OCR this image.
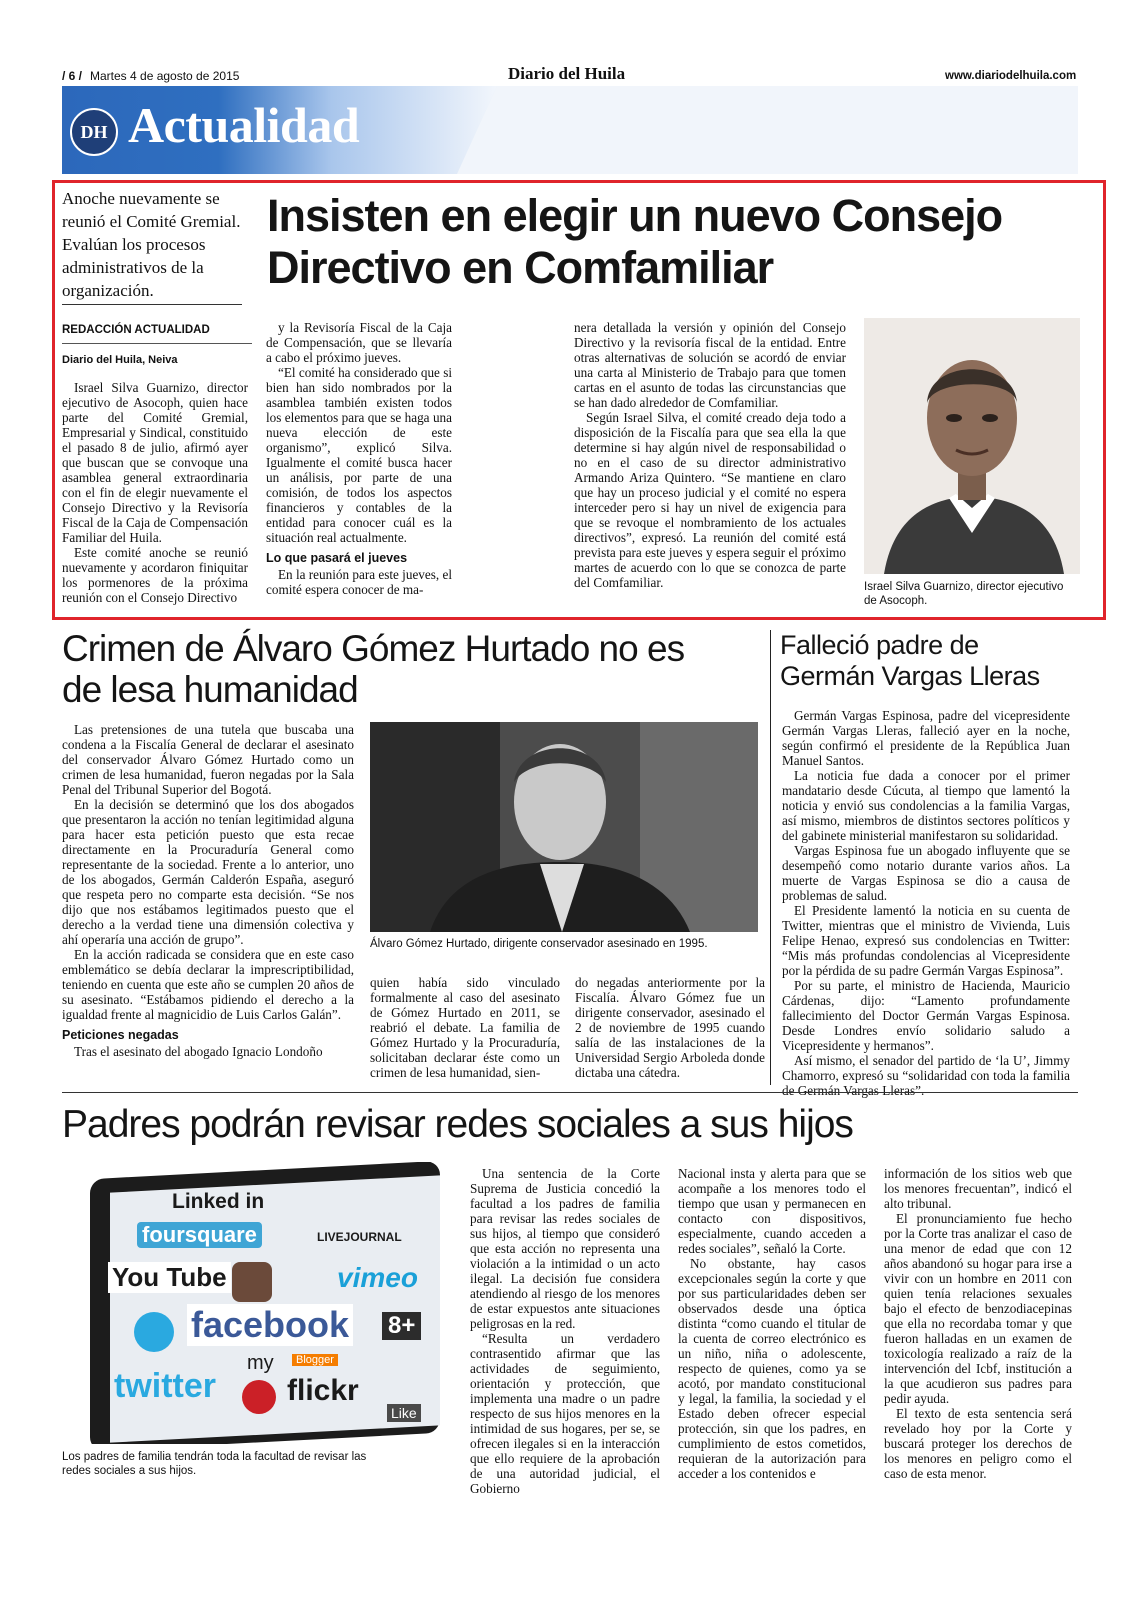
/ 6 / Martes 4 de agosto de 2015	Diario del Huila	www.diariodelhuila.com
DH Actualidad
Anoche nuevamente se reunió el Comité Gremial. Evalúan los procesos administrativos de la organización.
Insisten en elegir un nuevo Consejo Directivo en Comfamiliar
REDACCIÓN ACTUALIDAD
Diario del Huila, Neiva

Israel Silva Guarnizo, director ejecutivo de Asocoph, quien hace parte del Comité Gremial, Empresarial y Sindical, constituido el pasado 8 de julio, afirmó ayer que buscan que se convoque una asamblea general extraordinaria con el fin de elegir nuevamente el Consejo Directivo y la Revisoría Fiscal de la Caja de Compensación Familiar del Huila.

Este comité anoche se reunió nuevamente y acordaron finiquitar los pormenores de la próxima reunión con el Consejo Directivo

y la Revisoría Fiscal de la Caja de Compensación, que se llevaría a cabo el próximo jueves.

“El comité ha considerado que si bien han sido nombrados por la asamblea también existen todos los elementos para que se haga una nueva elección de este organismo”, explicó Silva. Igualmente el comité busca hacer un análisis, por parte de una comisión, de todos los aspectos financieros y contables de la entidad para conocer cuál es la situación real actualmente.

Lo que pasará el jueves

En la reunión para este jueves, el comité espera conocer de ma-

nera detallada la versión y opinión del Consejo Directivo y la revisoría fiscal de la entidad. Entre otras alternativas de solución se acordó de enviar una carta al Ministerio de Trabajo para que tomen cartas en el asunto de todas las circunstancias que se han dado alrededor de Comfamiliar.

Según Israel Silva, el comité creado deja todo a disposición de la Fiscalía para que sea ella la que determine si hay algún nivel de responsabilidad o no en el caso de su director administrativo Armando Ariza Quintero. “Se mantiene en claro que hay un proceso judicial y el comité no espera interceder pero si hay un nivel de exigencia para que se revoque el nombramiento de los actuales directivos”, expresó. La reunión del comité está prevista para este jueves y espera seguir el próximo martes de acuerdo con lo que se conozca de parte del Comfamiliar.	Israel Silva Guarnizo, director ejecutivo de Asocoph.
Crimen de Álvaro Gómez Hurtado no es de lesa humanidad

Las pretensiones de una tutela que buscaba una condena a la Fiscalía General de declarar el asesinato del conservador Álvaro Gómez Hurtado como un crimen de lesa humanidad, fueron negadas por la Sala Penal del Tribunal Superior del Bogotá.

En la decisión se determinó que los dos abogados que presentaron la acción no tenían legitimidad alguna para hacer esta petición puesto que esta recae directamente en la Procuraduría General como representante de la sociedad. Frente a lo anterior, uno de los abogados, Germán Calderón España, aseguró que respeta pero no comparte esta decisión. “Se nos dijo que nos estábamos legitimados puesto que el derecho a la verdad tiene una dimensión colectiva y ahí operaría una acción de grupo”.

En la acción radicada se considera que en este caso emblemático se debía declarar la imprescriptibilidad, teniendo en cuenta que este año se cumplen 20 años de su asesinato. “Estábamos pidiendo el derecho a la igualdad frente al magnicidio de Luis Carlos Galán”.

Peticiones negadas

Tras el asesinato del abogado Ignacio Londoño

Álvaro Gómez Hurtado, dirigente conservador asesinado en 1995.

quien había sido vinculado formalmente al caso del asesinato de Gómez Hurtado en 2011, se reabrió el debate. La familia de Gómez Hurtado y la Procuraduría, solicitaban declarar éste como un crimen de lesa humanidad, sien-

do negadas anteriormente por la Fiscalía. Álvaro Gómez fue un dirigente conservador, asesinado el 2 de noviembre de 1995 cuando salía de las instalaciones de la Universidad Sergio Arboleda donde dictaba una cátedra.

Falleció padre de Germán Vargas Lleras

Germán Vargas Espinosa, padre del vicepresidente Germán Vargas Lleras, falleció ayer en la noche, según confirmó el presidente de la República Juan Manuel Santos.

La noticia fue dada a conocer por el primer mandatario desde Cúcuta, al tiempo que lamentó la noticia y envió sus condolencias a la familia Vargas, así mismo, miembros de distintos sectores políticos y del gabinete ministerial manifestaron su solidaridad.

Vargas Espinosa fue un abogado influyente que se desempeñó como notario durante varios años. La muerte de Vargas Espinosa se dio a causa de problemas de salud.

El Presidente lamentó la noticia en su cuenta de Twitter, mientras que el ministro de Vivienda, Luis Felipe Henao, expresó sus condolencias en Twitter: “Mis más profundas condolencias al Vicepresidente por la pérdida de su padre Germán Vargas Espinosa”.

Por su parte, el ministro de Hacienda, Mauricio Cárdenas, dijo: “Lamento profundamente fallecimiento del Doctor Germán Vargas Espinosa. Desde Londres envío solidario saludo a Vicepresidente y hermanos”.

Así mismo, el senador del partido de ‘la U’, Jimmy Chamorro, expresó su “solidaridad con toda la familia de Germán Vargas Lleras”.

Padres podrán revisar redes sociales a sus hijos
Linked in
foursquare	LIVEJOURNAL
You Tube	vimeo
facebook
Blogger
8+
my
twitter flickr
Like
Los padres de familia tendrán toda la facultad de revisar las redes sociales a sus hijos.

Una sentencia de la Corte Suprema de Justicia concedió la facultad a los padres de familia para revisar las redes sociales de sus hijos, al tiempo que consideró que esta acción no representa una violación a la intimidad o un acto ilegal. La decisión fue considera atendiendo al riesgo de los menores de estar expuestos ante situaciones peligrosas en la red.

“Resulta un verdadero contrasentido afirmar que las actividades de seguimiento, orientación y protección, que implementa una madre o un padre respecto de sus hijos menores en la intimidad de sus hogares, per se, se ofrecen ilegales si en la interacción que ello requiere de la aprobación de una autoridad judicial, el Gobierno

Nacional insta y alerta para que se acompañe a los menores todo el tiempo que usan y permanecen en contacto con dispositivos, especialmente, cuando acceden a redes sociales”, señaló la Corte.

No obstante, hay casos excepcionales según la corte y que por sus particularidades deben ser observados desde una óptica distinta “como cuando el titular de la cuenta de correo electrónico es un niño, niña o adolescente, respecto de quienes, como ya se acotó, por mandato constitucional y legal, la familia, la sociedad y el Estado deben ofrecer especial protección, sin que los padres, en cumplimiento de estos cometidos, requieran de la autorización para acceder a los contenidos e

información de los sitios web que los menores frecuentan”, indicó el alto tribunal.

El pronunciamiento fue hecho por la Corte tras analizar el caso de una menor de edad que con 12 años abandonó su hogar para irse a vivir con un hombre en 2011 con quien tenía relaciones sexuales bajo el efecto de benzodiacepinas que ella no recordaba tomar y que fueron halladas en un examen de toxicología realizado a raíz de la intervención del Icbf, institución a la que acudieron sus padres para pedir ayuda.

El texto de esta sentencia será revelado hoy por la Corte y buscará proteger los derechos de los menores en peligro como el caso de esta menor.
